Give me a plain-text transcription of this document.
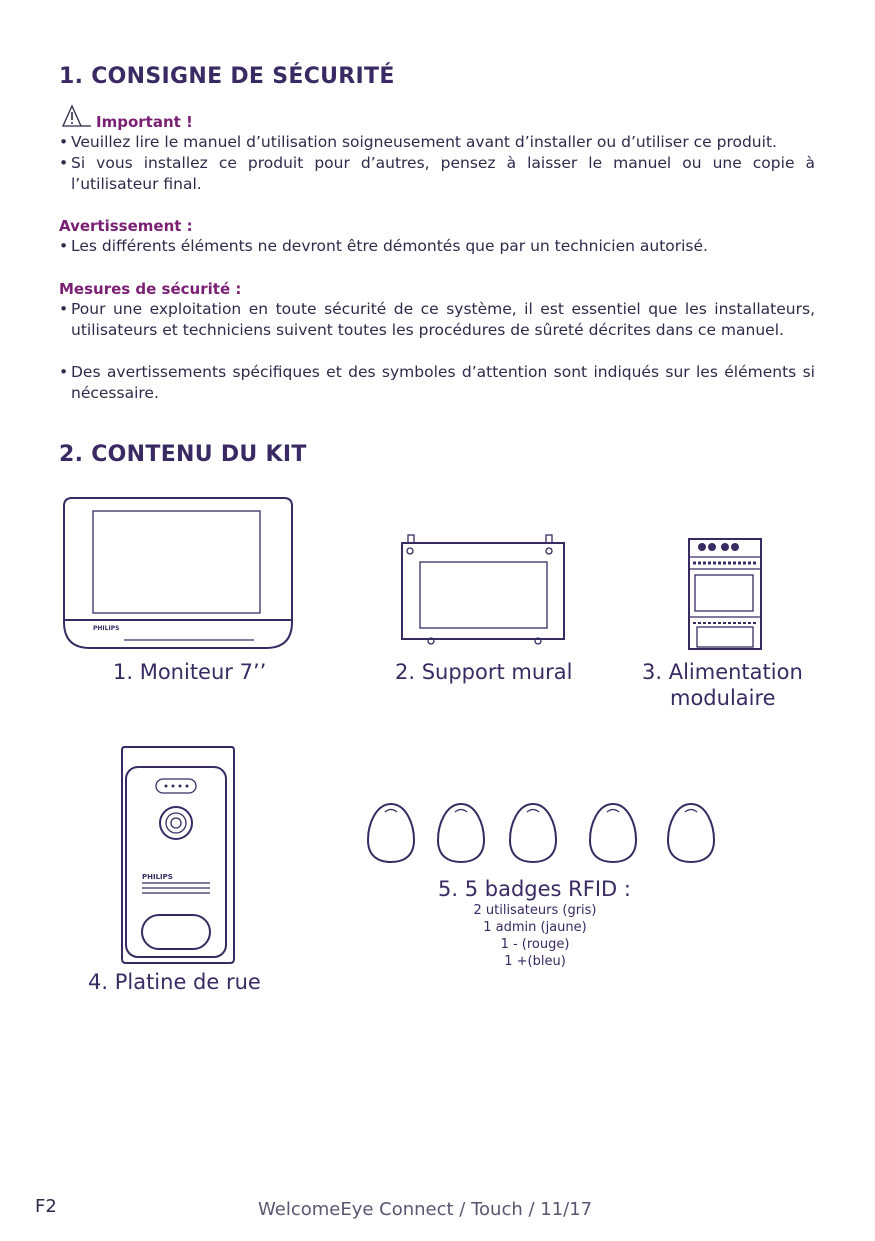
1. CONSIGNE DE SÉCURITÉ
Important !
• Veuillez lire le manuel d’utilisation soigneusement avant d’installer ou d’utiliser ce produit.
• Si vous installez ce produit pour d’autres, pensez à laisser le manuel ou une copie à l’utilisateur final.
Avertissement :
• Les différents éléments ne devront être démontés que par un technicien autorisé.
Mesures de sécurité :
• Pour une exploitation en toute sécurité de ce système, il est essentiel que les installateurs, utilisateurs et techniciens suivent toutes les procédures de sûreté décrites dans ce manuel.
• Des avertissements spécifiques et des symboles d’attention sont indiqués sur les éléments si nécessaire.
2. CONTENU DU KIT
PHILIPS
1. Moniteur 7’’	2. Support mural	3. Alimentation
modulaire
PHILIPS
4. Platine de rue
5. 5 badges RFID :
2 utilisateurs (gris)
1 admin (jaune)
1 - (rouge)
1 +(bleu)
F2	WelcomeEye Connect / Touch / 11/17
